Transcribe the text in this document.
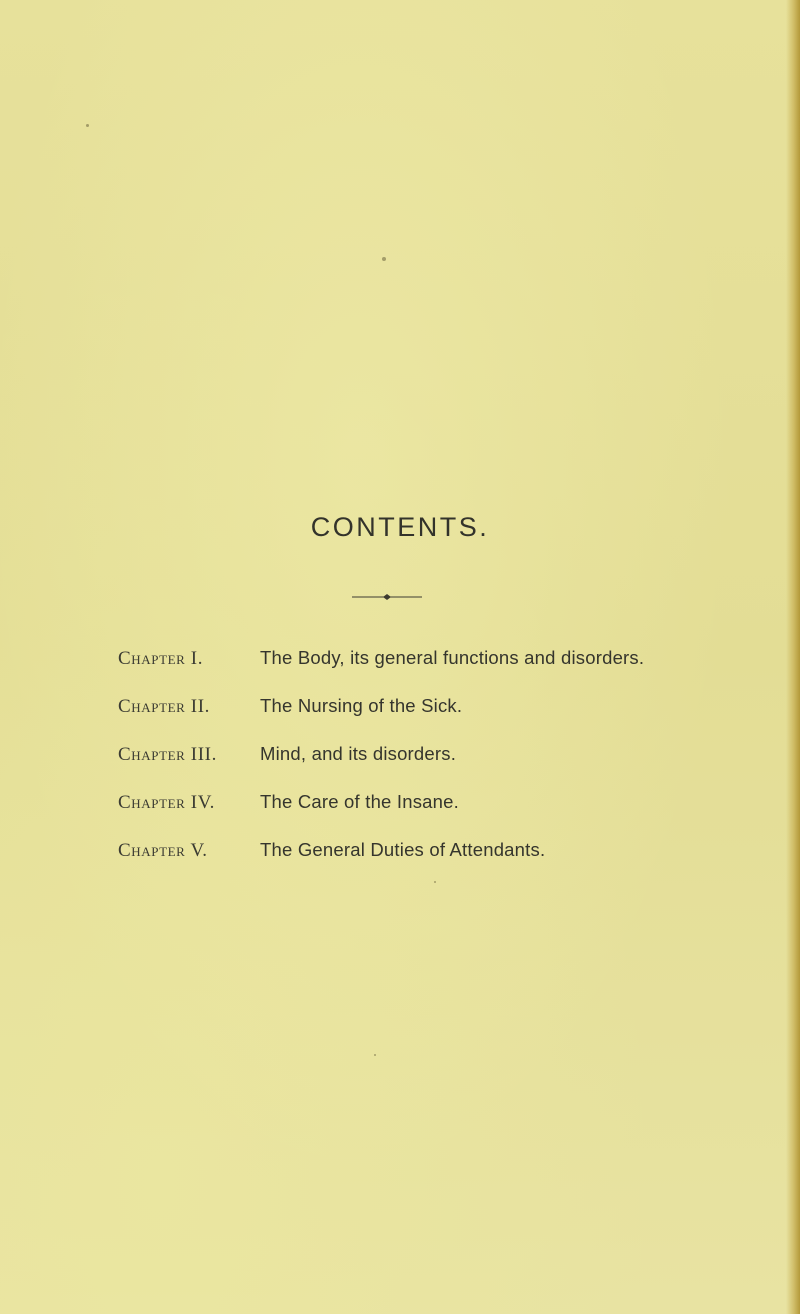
CONTENTS.
Chapter I.	The Body, its general functions and disorders.
Chapter II.	The Nursing of the Sick.
Chapter III.	Mind, and its disorders.
Chapter IV.	The Care of the Insane.
Chapter V.	The General Duties of Attendants.
